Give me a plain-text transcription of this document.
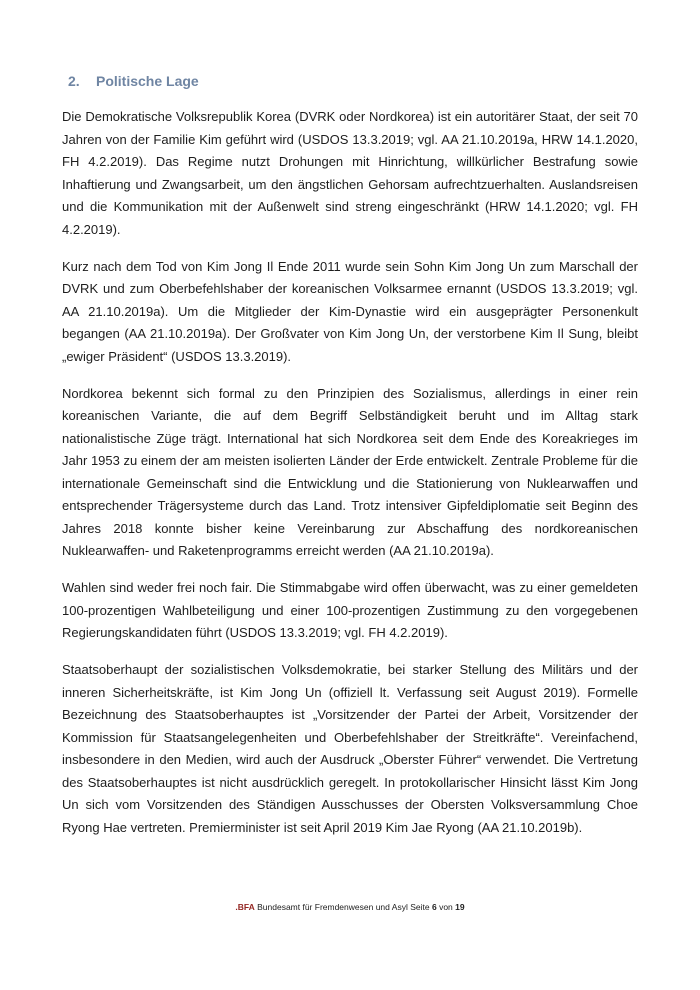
2. Politische Lage

Die Demokratische Volksrepublik Korea (DVRK oder Nordkorea) ist ein autoritärer Staat, der seit 70 Jahren von der Familie Kim geführt wird (USDOS 13.3.2019; vgl. AA 21.10.2019a, HRW 14.1.2020, FH 4.2.2019). Das Regime nutzt Drohungen mit Hinrichtung, willkürlicher Bestrafung sowie Inhaftierung und Zwangsarbeit, um den ängstlichen Gehorsam aufrechtzuerhalten. Auslandsreisen und die Kommunikation mit der Außenwelt sind streng eingeschränkt (HRW 14.1.2020; vgl. FH 4.2.2019).

Kurz nach dem Tod von Kim Jong Il Ende 2011 wurde sein Sohn Kim Jong Un zum Marschall der DVRK und zum Oberbefehlshaber der koreanischen Volksarmee ernannt (USDOS 13.3.2019; vgl. AA 21.10.2019a). Um die Mitglieder der Kim-Dynastie wird ein ausgeprägter Personenkult begangen (AA 21.10.2019a). Der Großvater von Kim Jong Un, der verstorbene Kim Il Sung, bleibt „ewiger Präsident“ (USDOS 13.3.2019).

Nordkorea bekennt sich formal zu den Prinzipien des Sozialismus, allerdings in einer rein koreanischen Variante, die auf dem Begriff Selbständigkeit beruht und im Alltag stark nationalistische Züge trägt. International hat sich Nordkorea seit dem Ende des Koreakrieges im Jahr 1953 zu einem der am meisten isolierten Länder der Erde entwickelt. Zentrale Probleme für die internationale Gemeinschaft sind die Entwicklung und die Stationierung von Nuklearwaffen und entsprechender Trägersysteme durch das Land. Trotz intensiver Gipfeldiplomatie seit Beginn des Jahres 2018 konnte bisher keine Vereinbarung zur Abschaffung des nordkoreanischen Nuklearwaffen- und Raketenprogramms erreicht werden (AA 21.10.2019a).

Wahlen sind weder frei noch fair. Die Stimmabgabe wird offen überwacht, was zu einer gemeldeten 100-prozentigen Wahlbeteiligung und einer 100-prozentigen Zustimmung zu den vorgegebenen Regierungskandidaten führt (USDOS 13.3.2019; vgl. FH 4.2.2019).

Staatsoberhaupt der sozialistischen Volksdemokratie, bei starker Stellung des Militärs und der inneren Sicherheitskräfte, ist Kim Jong Un (offiziell lt. Verfassung seit August 2019). Formelle Bezeichnung des Staatsoberhauptes ist „Vorsitzender der Partei der Arbeit, Vorsitzender der Kommission für Staatsangelegenheiten und Oberbefehlshaber der Streitkräfte“. Vereinfachend, insbesondere in den Medien, wird auch der Ausdruck „Oberster Führer“ verwendet. Die Vertretung des Staatsoberhauptes ist nicht ausdrücklich geregelt. In protokollarischer Hinsicht lässt Kim Jong Un sich vom Vorsitzenden des Ständigen Ausschusses der Obersten Volksversammlung Choe Ryong Hae vertreten. Premierminister ist seit April 2019 Kim Jae Ryong (AA 21.10.2019b).

.BFA Bundesamt für Fremdenwesen und Asyl Seite 6 von 19
